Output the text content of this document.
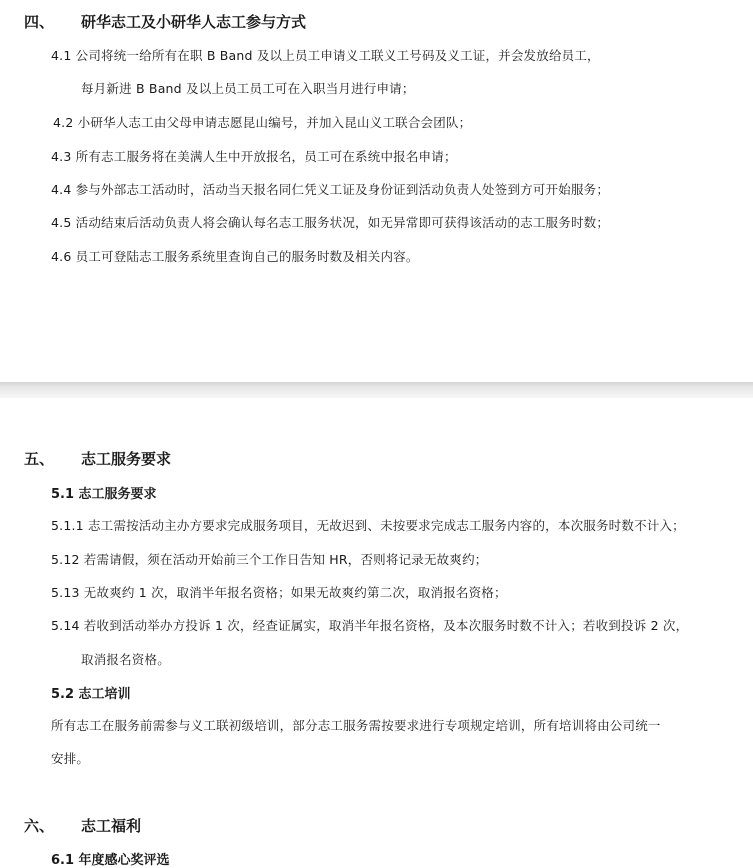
四、 研华志工及小研华人志工参与方式
4.1 公司将统一给所有在职 B Band 及以上员工申请义工联义工号码及义工证，并会发放给员工，
每月新进 B Band 及以上员工员工可在入职当月进行申请；
4.2 小研华人志工由父母申请志愿昆山编号，并加入昆山义工联合会团队；
4.3 所有志工服务将在美满人生中开放报名，员工可在系统中报名申请；
4.4 参与外部志工活动时，活动当天报名同仁凭义工证及身份证到活动负责人处签到方可开始服务；
4.5 活动结束后活动负责人将会确认每名志工服务状况，如无异常即可获得该活动的志工服务时数；
4.6 员工可登陆志工服务系统里查询自己的服务时数及相关内容。
五、 志工服务要求
5.1 志工服务要求
5.1.1 志工需按活动主办方要求完成服务项目，无故迟到、未按要求完成志工服务内容的，本次服务时数不计入；
5.12 若需请假，须在活动开始前三个工作日告知 HR，否则将记录无故爽约；
5.13 无故爽约 1 次，取消半年报名资格；如果无故爽约第二次，取消报名资格；
5.14 若收到活动举办方投诉 1 次，经查证属实，取消半年报名资格，及本次服务时数不计入；若收到投诉 2 次，
取消报名资格。
5.2 志工培训
所有志工在服务前需参与义工联初级培训，部分志工服务需按要求进行专项规定培训，所有培训将由公司统一
安排。
六、 志工福利
6.1 年度感心奖评选
